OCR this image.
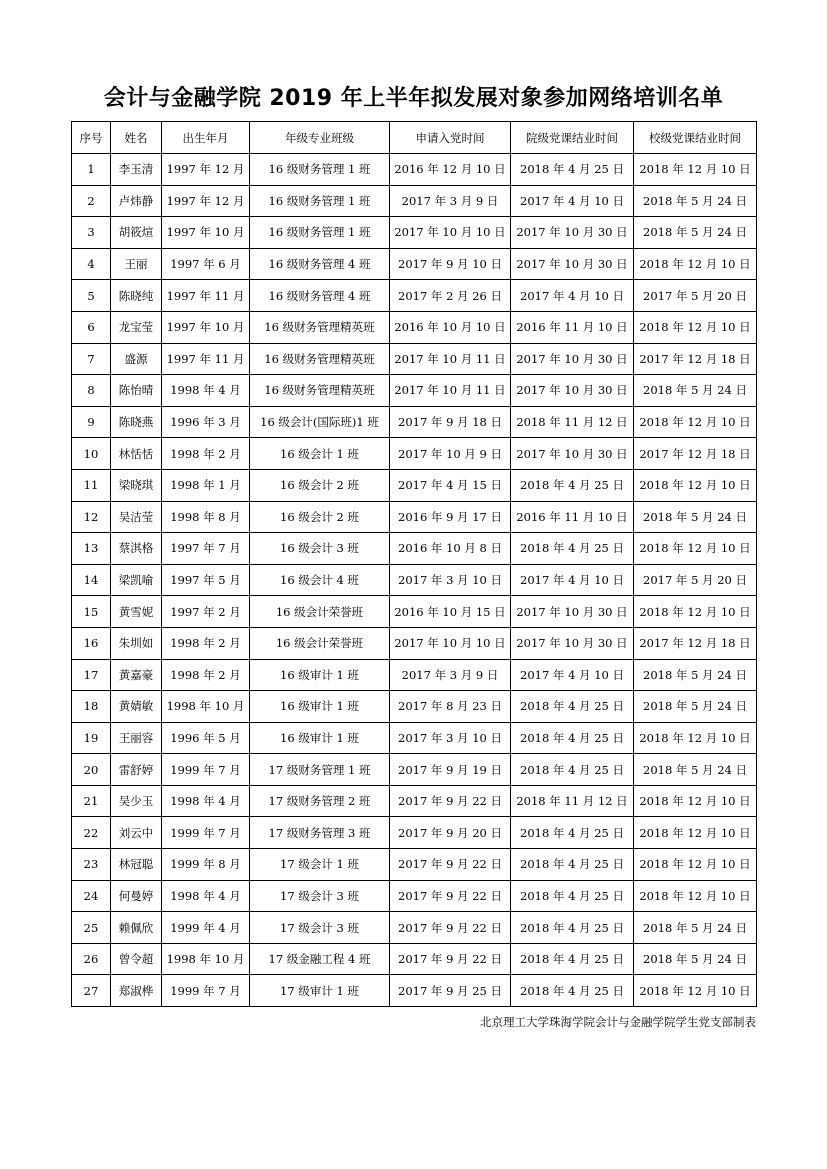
会计与金融学院 2019 年上半年拟发展对象参加网络培训名单
序号	姓名	出生年月	年级专业班级	申请入党时间	院级党课结业时间	校级党课结业时间
1	李玉清	1997 年 12 月	16 级财务管理 1 班	2016 年 12 月 10 日	2018 年 4 月 25 日	2018 年 12 月 10 日
2	卢炜静	1997 年 12 月	16 级财务管理 1 班	2017 年 3 月 9 日	2017 年 4 月 10 日	2018 年 5 月 24 日
3	胡筱煊	1997 年 10 月	16 级财务管理 1 班	2017 年 10 月 10 日	2017 年 10 月 30 日	2018 年 5 月 24 日
4	王丽	1997 年 6 月	16 级财务管理 4 班	2017 年 9 月 10 日	2017 年 10 月 30 日	2018 年 12 月 10 日
5	陈晓纯	1997 年 11 月	16 级财务管理 4 班	2017 年 2 月 26 日	2017 年 4 月 10 日	2017 年 5 月 20 日
6	龙宝莹	1997 年 10 月	16 级财务管理精英班	2016 年 10 月 10 日	2016 年 11 月 10 日	2018 年 12 月 10 日
7	盛源	1997 年 11 月	16 级财务管理精英班	2017 年 10 月 11 日	2017 年 10 月 30 日	2017 年 12 月 18 日
8	陈怡晴	1998 年 4 月	16 级财务管理精英班	2017 年 10 月 11 日	2017 年 10 月 30 日	2018 年 5 月 24 日
9	陈晓燕	1996 年 3 月	16 级会计(国际班)1 班	2017 年 9 月 18 日	2018 年 11 月 12 日	2018 年 12 月 10 日
10	林恬恬	1998 年 2 月	16 级会计 1 班	2017 年 10 月 9 日	2017 年 10 月 30 日	2017 年 12 月 18 日
11	梁晓琪	1998 年 1 月	16 级会计 2 班	2017 年 4 月 15 日	2018 年 4 月 25 日	2018 年 12 月 10 日
12	吴洁莹	1998 年 8 月	16 级会计 2 班	2016 年 9 月 17 日	2016 年 11 月 10 日	2018 年 5 月 24 日
13	蔡淇格	1997 年 7 月	16 级会计 3 班	2016 年 10 月 8 日	2018 年 4 月 25 日	2018 年 12 月 10 日
14	梁凯喻	1997 年 5 月	16 级会计 4 班	2017 年 3 月 10 日	2017 年 4 月 10 日	2017 年 5 月 20 日
15	黄雪妮	1997 年 2 月	16 级会计荣誉班	2016 年 10 月 15 日	2017 年 10 月 30 日	2018 年 12 月 10 日
16	朱圳如	1998 年 2 月	16 级会计荣誉班	2017 年 10 月 10 日	2017 年 10 月 30 日	2017 年 12 月 18 日
17	黄嘉豪	1998 年 2 月	16 级审计 1 班	2017 年 3 月 9 日	2017 年 4 月 10 日	2018 年 5 月 24 日
18	黄婧敏	1998 年 10 月	16 级审计 1 班	2017 年 8 月 23 日	2018 年 4 月 25 日	2018 年 5 月 24 日
19	王丽容	1996 年 5 月	16 级审计 1 班	2017 年 3 月 10 日	2018 年 4 月 25 日	2018 年 12 月 10 日
20	雷舒婷	1999 年 7 月	17 级财务管理 1 班	2017 年 9 月 19 日	2018 年 4 月 25 日	2018 年 5 月 24 日
21	吴少玉	1998 年 4 月	17 级财务管理 2 班	2017 年 9 月 22 日	2018 年 11 月 12 日	2018 年 12 月 10 日
22	刘云中	1999 年 7 月	17 级财务管理 3 班	2017 年 9 月 20 日	2018 年 4 月 25 日	2018 年 12 月 10 日
23	林冠聪	1999 年 8 月	17 级会计 1 班	2017 年 9 月 22 日	2018 年 4 月 25 日	2018 年 12 月 10 日
24	何曼婷	1998 年 4 月	17 级会计 3 班	2017 年 9 月 22 日	2018 年 4 月 25 日	2018 年 12 月 10 日
25	赖佩欣	1999 年 4 月	17 级会计 3 班	2017 年 9 月 22 日	2018 年 4 月 25 日	2018 年 5 月 24 日
26	曾令超	1998 年 10 月	17 级金融工程 4 班	2017 年 9 月 22 日	2018 年 4 月 25 日	2018 年 5 月 24 日
27	郑淑桦	1999 年 7 月	17 级审计 1 班	2017 年 9 月 25 日	2018 年 4 月 25 日	2018 年 12 月 10 日
北京理工大学珠海学院会计与金融学院学生党支部制表
